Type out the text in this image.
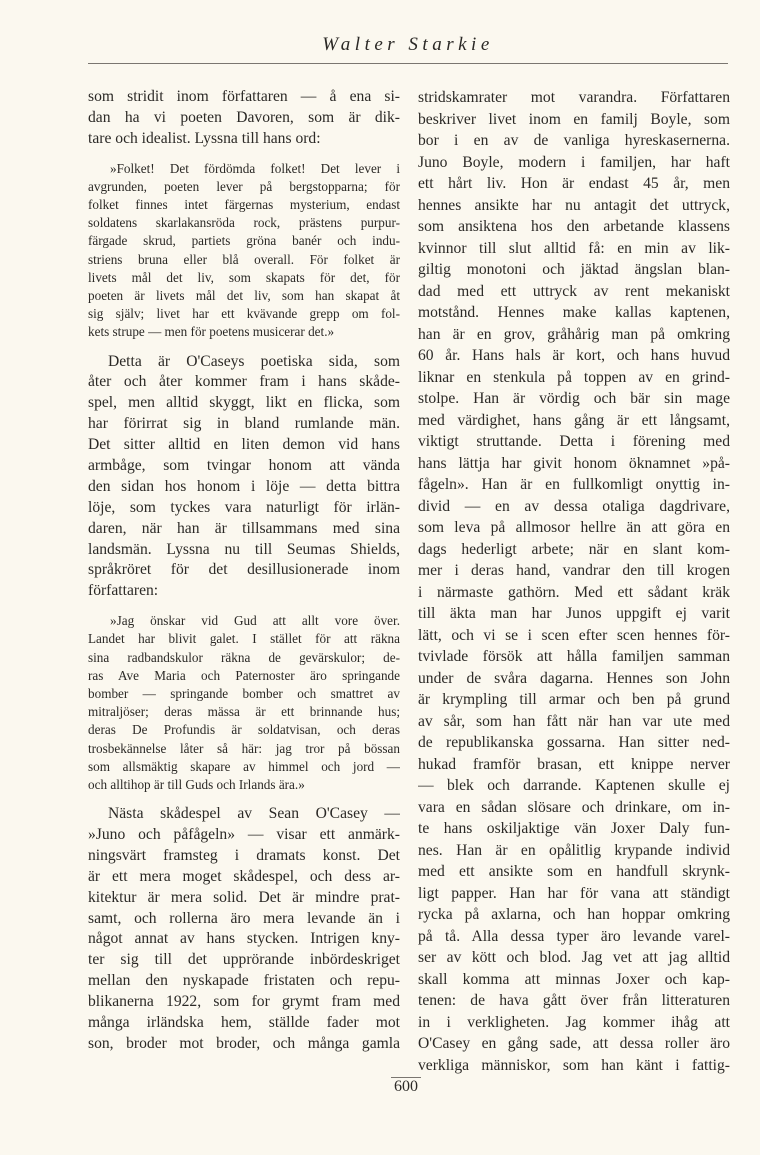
Walter Starkie
som stridit inom författaren — å ena si-
dan ha vi poeten Davoren, som är dik-
tare och idealist. Lyssna till hans ord:
»Folket! Det fördömda folket! Det lever i
avgrunden, poeten lever på bergstopparna; för
folket finnes intet färgernas mysterium, endast
soldatens skarlakansröda rock, prästens purpur-
färgade skrud, partiets gröna banér och indu-
striens bruna eller blå overall. För folket är
livets mål det liv, som skapats för det, för
poeten är livets mål det liv, som han skapat åt
sig själv; livet har ett kvävande grepp om fol-
kets strupe — men för poetens musicerar det.»
Detta är O'Caseys poetiska sida, som
åter och åter kommer fram i hans skåde-
spel, men alltid skyggt, likt en flicka, som
har förirrat sig in bland rumlande män.
Det sitter alltid en liten demon vid hans
armbåge, som tvingar honom att vända
den sidan hos honom i löje — detta bittra
löje, som tyckes vara naturligt för irlän-
daren, när han är tillsammans med sina
landsmän. Lyssna nu till Seumas Shields,
språkröret för det desillusionerade inom
författaren:
»Jag önskar vid Gud att allt vore över.
Landet har blivit galet. I stället för att räkna
sina radbandskulor räkna de gevärskulor; de-
ras Ave Maria och Paternoster äro springande
bomber — springande bomber och smattret av
mitraljöser; deras mässa är ett brinnande hus;
deras De Profundis är soldatvisan, och deras
trosbekännelse låter så här: jag tror på bössan
som allsmäktig skapare av himmel och jord —
och alltihop är till Guds och Irlands ära.»
Nästa skådespel av Sean O'Casey —
»Juno och påfågeln» — visar ett anmärk-
ningsvärt framsteg i dramats konst. Det
är ett mera moget skådespel, och dess ar-
kitektur är mera solid. Det är mindre prat-
samt, och rollerna äro mera levande än i
något annat av hans stycken. Intrigen kny-
ter sig till det upprörande inbördeskriget
mellan den nyskapade fristaten och repu-
blikanerna 1922, som for grymt fram med
många irländska hem, ställde fader mot
son, broder mot broder, och många gamla
stridskamrater mot varandra. Författaren
beskriver livet inom en familj Boyle, som
bor i en av de vanliga hyreskasernerna.
Juno Boyle, modern i familjen, har haft
ett hårt liv. Hon är endast 45 år, men
hennes ansikte har nu antagit det uttryck,
som ansiktena hos den arbetande klassens
kvinnor till slut alltid få: en min av lik-
giltig monotoni och jäktad ängslan blan-
dad med ett uttryck av rent mekaniskt
motstånd. Hennes make kallas kaptenen,
han är en grov, gråhårig man på omkring
60 år. Hans hals är kort, och hans huvud
liknar en stenkula på toppen av en grind-
stolpe. Han är vördig och bär sin mage
med värdighet, hans gång är ett långsamt,
viktigt struttande. Detta i förening med
hans lättja har givit honom öknamnet »på-
fågeln». Han är en fullkomligt onyttig in-
divid — en av dessa otaliga dagdrivare,
som leva på allmosor hellre än att göra en
dags hederligt arbete; när en slant kom-
mer i deras hand, vandrar den till krogen
i närmaste gathörn. Med ett sådant kräk
till äkta man har Junos uppgift ej varit
lätt, och vi se i scen efter scen hennes för-
tvivlade försök att hålla familjen samman
under de svåra dagarna. Hennes son John
är krympling till armar och ben på grund
av sår, som han fått när han var ute med
de republikanska gossarna. Han sitter ned-
hukad framför brasan, ett knippe nerver
— blek och darrande. Kaptenen skulle ej
vara en sådan slösare och drinkare, om in-
te hans oskiljaktige vän Joxer Daly fun-
nes. Han är en opålitlig krypande individ
med ett ansikte som en handfull skrynk-
ligt papper. Han har för vana att ständigt
rycka på axlarna, och han hoppar omkring
på tå. Alla dessa typer äro levande varel-
ser av kött och blod. Jag vet att jag alltid
skall komma att minnas Joxer och kap-
tenen: de hava gått över från litteraturen
in i verkligheten. Jag kommer ihåg att
O'Casey en gång sade, att dessa roller äro
verkliga människor, som han känt i fattig-
600
